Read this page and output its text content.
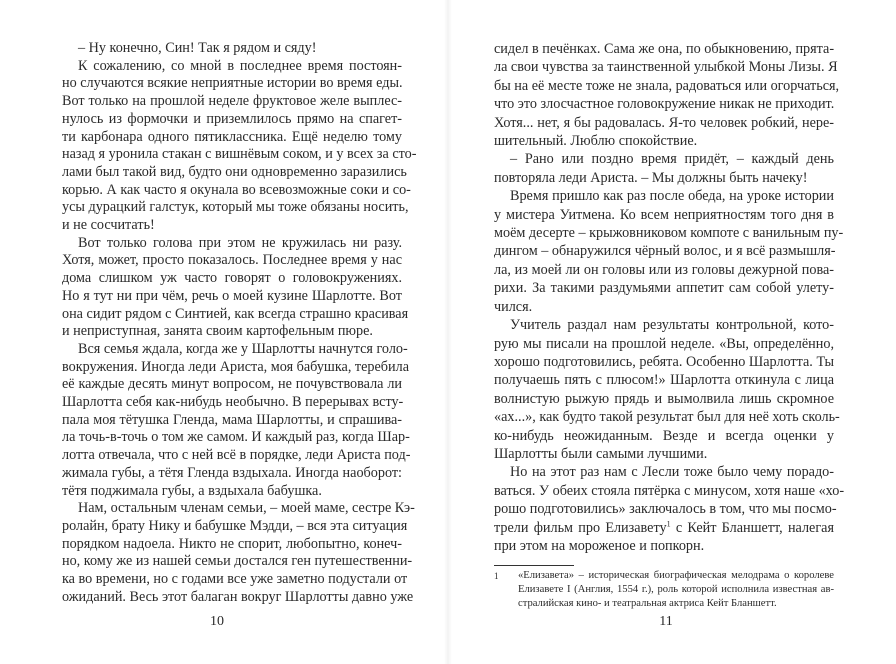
– Ну конечно, Син! Так я рядом и сяду!
К сожалению, со мной в последнее время постоян-
но случаются всякие неприятные истории во время еды.
Вот только на прошлой неделе фруктовое желе выплес-
нулось из формочки и приземлилось прямо на спагет-
ти карбонара одного пятиклассника. Ещё неделю тому
назад я уронила стакан с вишнёвым соком, и у всех за сто-
лами был такой вид, будто они одновременно заразились
корью. А как часто я окунала во всевозможные соки и со-
усы дурацкий галстук, который мы тоже обязаны носить,
и не сосчитать!
Вот только голова при этом не кружилась ни разу.
Хотя, может, просто показалось. Последнее время у нас
дома слишком уж часто говорят о головокружениях.
Но я тут ни при чём, речь о моей кузине Шарлотте. Вот
она сидит рядом с Синтией, как всегда страшно красивая
и неприступная, занята своим картофельным пюре.
Вся семья ждала, когда же у Шарлотты начнутся голо-
вокружения. Иногда леди Ариста, моя бабушка, теребила
её каждые десять минут вопросом, не почувствовала ли
Шарлотта себя как-нибудь необычно. В перерывах всту-
пала моя тётушка Гленда, мама Шарлотты, и спрашива-
ла точь-в-точь о том же самом. И каждый раз, когда Шар-
лотта отвечала, что с ней всё в порядке, леди Ариста под-
жимала губы, а тётя Гленда вздыхала. Иногда наоборот:
тётя поджимала губы, а вздыхала бабушка.
Нам, остальным членам семьи, – моей маме, сестре Кэ-
ролайн, брату Нику и бабушке Мэдди, – вся эта ситуация
порядком надоела. Никто не спорит, любопытно, конеч-
но, кому же из нашей семьи достался ген путешественни-
ка во времени, но с годами все уже заметно подустали от
ожиданий. Весь этот балаган вокруг Шарлотты давно уже
10
сидел в печёнках. Сама же она, по обыкновению, прята-
ла свои чувства за таинственной улыбкой Моны Лизы. Я
бы на её месте тоже не знала, радоваться или огорчаться,
что это злосчастное головокружение никак не приходит.
Хотя... нет, я бы радовалась. Я-то человек робкий, нере-
шительный. Люблю спокойствие.
– Рано или поздно время придёт, – каждый день
повторяла леди Ариста. – Мы должны быть начеку!
Время пришло как раз после обеда, на уроке истории
у мистера Уитмена. Ко всем неприятностям того дня в
моём десерте – крыжовниковом компоте с ванильным пу-
дингом – обнаружился чёрный волос, и я всё размышля-
ла, из моей ли он головы или из головы дежурной пова-
рихи. За такими раздумьями аппетит сам собой улету-
чился.
Учитель раздал нам результаты контрольной, кото-
рую мы писали на прошлой неделе. «Вы, определённо,
хорошо подготовились, ребята. Особенно Шарлотта. Ты
получаешь пять с плюсом!» Шарлотта откинула с лица
волнистую рыжую прядь и вымолвила лишь скромное
«ах...», как будто такой результат был для неё хоть сколь-
ко-нибудь неожиданным. Везде и всегда оценки у
Шарлотты были самыми лучшими.
Но на этот раз нам с Лесли тоже было чему порадо-
ваться. У обеих стояла пятёрка с минусом, хотя наше «хо-
рошо подготовились» заключалось в том, что мы посмо-
трели фильм про Елизавету$^1$ с Кейт Бланшетт, налегая
при этом на мороженое и попкорн.
1 «Елизавета» – историческая биографическая мелодрама о королеве
Елизавете I (Англия, 1554 г.), роль которой исполнила известная ав-
стралийская кино- и театральная актриса Кейт Бланшетт.
11
